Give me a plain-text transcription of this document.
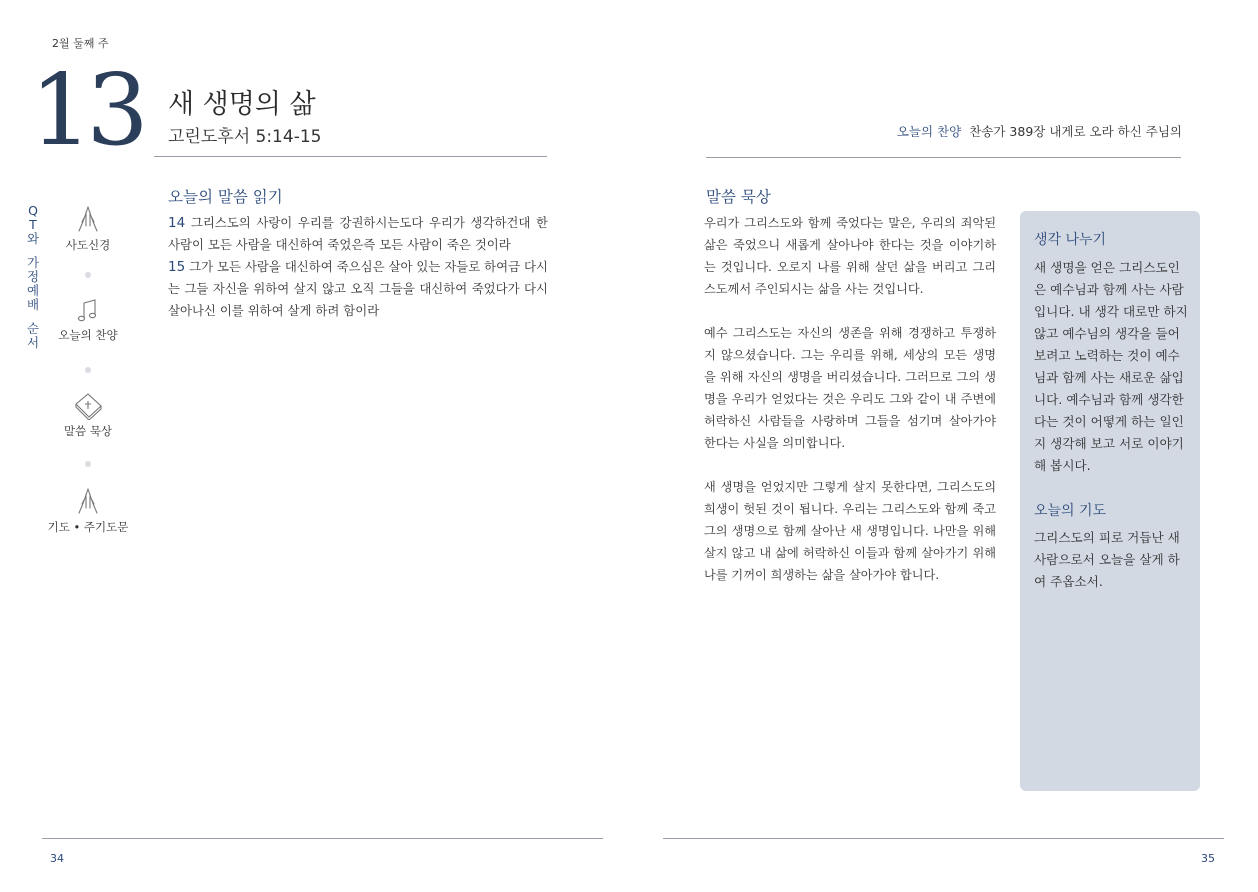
2월 둘째 주
13 새 생명의 삶
고린도후서 5:14-15
Q
T
와
가
정
예
배
순
서
사도신경
오늘의 찬양
말씀 묵상
기도 • 주기도문
오늘의 말씀 읽기
14 그리스도의 사랑이 우리를 강권하시는도다 우리가 생각하건대 한 사람이 모든 사람을 대신하여 죽었은즉 모든 사람이 죽은 것이라
15 그가 모든 사람을 대신하여 죽으심은 살아 있는 자들로 하여금 다시는 그들 자신을 위하여 살지 않고 오직 그들을 대신하여 죽었다가 다시 살아나신 이를 위하여 살게 하려 함이라
오늘의 찬양 찬송가 389장 내게로 오라 하신 주님의
말씀 묵상

우리가 그리스도와 함께 죽었다는 말은, 우리의 죄악된 삶은 죽었으니 새롭게 살아나야 한다는 것을 이야기하는 것입니다. 오로지 나를 위해 살던 삶을 버리고 그리스도께서 주인되시는 삶을 사는 것입니다.

예수 그리스도는 자신의 생존을 위해 경쟁하고 투쟁하지 않으셨습니다. 그는 우리를 위해, 세상의 모든 생명을 위해 자신의 생명을 버리셨습니다. 그러므로 그의 생명을 우리가 얻었다는 것은 우리도 그와 같이 내 주변에 허락하신 사람들을 사랑하며 그들을 섬기며 살아가야 한다는 사실을 의미합니다.

새 생명을 얻었지만 그렇게 살지 못한다면, 그리스도의 희생이 헛된 것이 됩니다. 우리는 그리스도와 함께 죽고 그의 생명으로 함께 살아난 새 생명입니다. 나만을 위해 살지 않고 내 삶에 허락하신 이들과 함께 살아가기 위해 나를 기꺼이 희생하는 삶을 살아가야 합니다.

생각 나누기
새 생명을 얻은 그리스도인은 예수님과 함께 사는 사람입니다. 내 생각 대로만 하지 않고 예수님의 생각을 들어 보려고 노력하는 것이 예수님과 함께 사는 새로운 삶입니다. 예수님과 함께 생각한다는 것이 어떻게 하는 일인지 생각해 보고 서로 이야기해 봅시다.
오늘의 기도
그리스도의 피로 거듭난 새 사람으로서 오늘을 살게 하여 주옵소서.
34	35
